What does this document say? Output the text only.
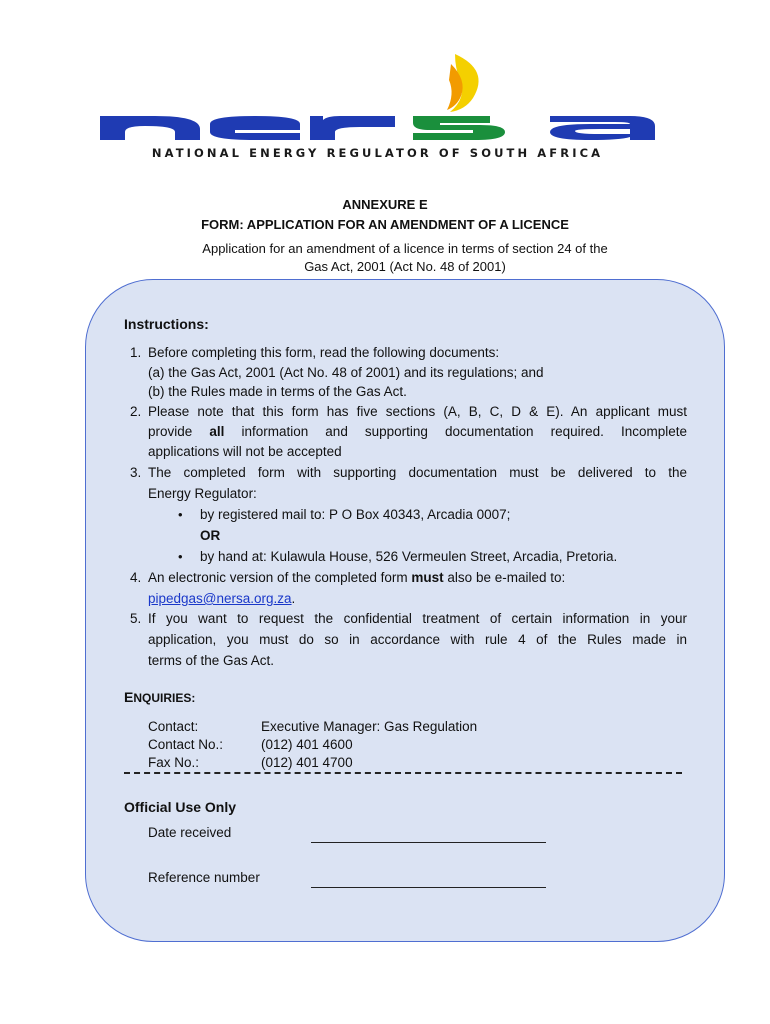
NATIONAL ENERGY REGULATOR OF SOUTH AFRICA
ANNEXURE E
FORM: APPLICATION FOR AN AMENDMENT OF A LICENCE
Application for an amendment of a licence in terms of section 24 of the
Gas Act, 2001 (Act No. 48 of 2001)
Instructions:
1. Before completing this form, read the following documents:
(a) the Gas Act, 2001 (Act No. 48 of 2001) and its regulations; and
(b) the Rules made in terms of the Gas Act.
2. Please note that this form has five sections (A, B, C, D & E). An applicant must
provide all information and supporting documentation required. Incomplete
applications will not be accepted
3. The completed form with supporting documentation must be delivered to the
Energy Regulator:
• by registered mail to: P O Box 40343, Arcadia 0007;
OR
• by hand at: Kulawula House, 526 Vermeulen Street, Arcadia, Pretoria.
4. An electronic version of the completed form must also be e-mailed to:
pipedgas@nersa.org.za.
5. If you want to request the confidential treatment of certain information in your
application, you must do so in accordance with rule 4 of the Rules made in
terms of the Gas Act.
ENQUIRIES:
Contact:	Executive Manager: Gas Regulation
Contact No.:	(012) 401 4600
Fax No.:	(012) 401 4700
Official Use Only
Date received
Reference number
